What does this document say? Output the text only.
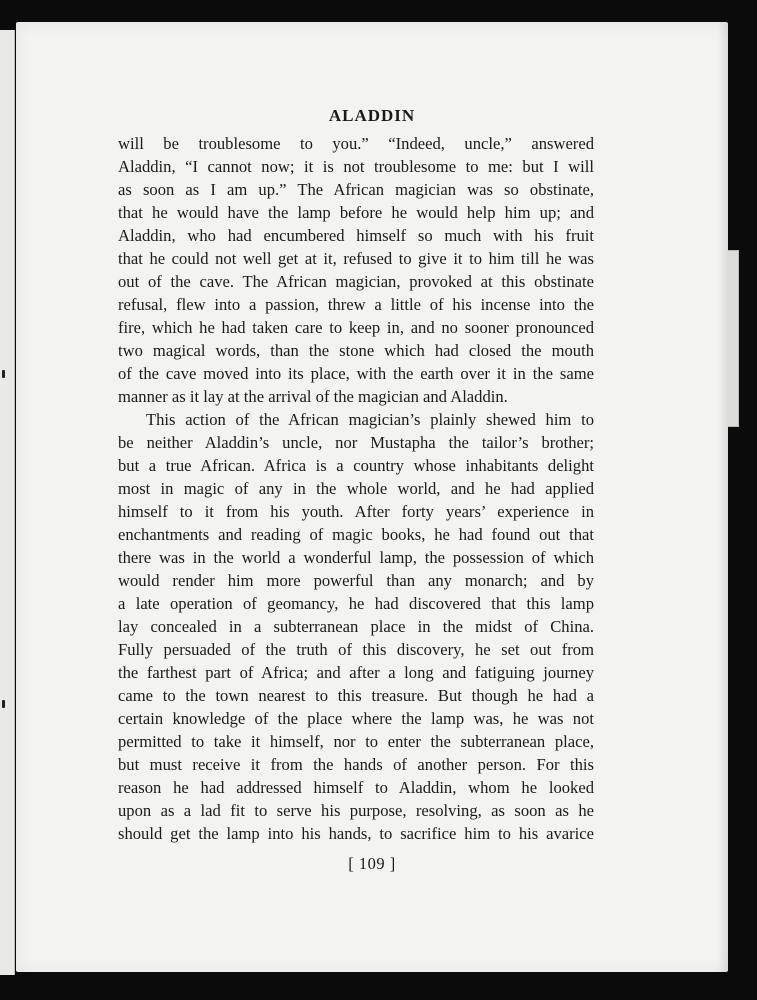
ALADDIN
will be troublesome to you.” “Indeed, uncle,” answered
Aladdin, “I cannot now; it is not troublesome to me: but I will
as soon as I am up.” The African magician was so obstinate,
that he would have the lamp before he would help him up; and
Aladdin, who had encumbered himself so much with his fruit
that he could not well get at it, refused to give it to him till he was
out of the cave. The African magician, provoked at this obstinate
refusal, flew into a passion, threw a little of his incense into the
fire, which he had taken care to keep in, and no sooner pronounced
two magical words, than the stone which had closed the mouth
of the cave moved into its place, with the earth over it in the same
manner as it lay at the arrival of the magician and Aladdin.
This action of the African magician’s plainly shewed him to
be neither Aladdin’s uncle, nor Mustapha the tailor’s brother;
but a true African. Africa is a country whose inhabitants delight
most in magic of any in the whole world, and he had applied
himself to it from his youth. After forty years’ experience in
enchantments and reading of magic books, he had found out that
there was in the world a wonderful lamp, the possession of which
would render him more powerful than any monarch; and by
a late operation of geomancy, he had discovered that this lamp
lay concealed in a subterranean place in the midst of China.
Fully persuaded of the truth of this discovery, he set out from
the farthest part of Africa; and after a long and fatiguing journey
came to the town nearest to this treasure. But though he had a
certain knowledge of the place where the lamp was, he was not
permitted to take it himself, nor to enter the subterranean place,
but must receive it from the hands of another person. For this
reason he had addressed himself to Aladdin, whom he looked
upon as a lad fit to serve his purpose, resolving, as soon as he
should get the lamp into his hands, to sacrifice him to his avarice
[ 109 ]
